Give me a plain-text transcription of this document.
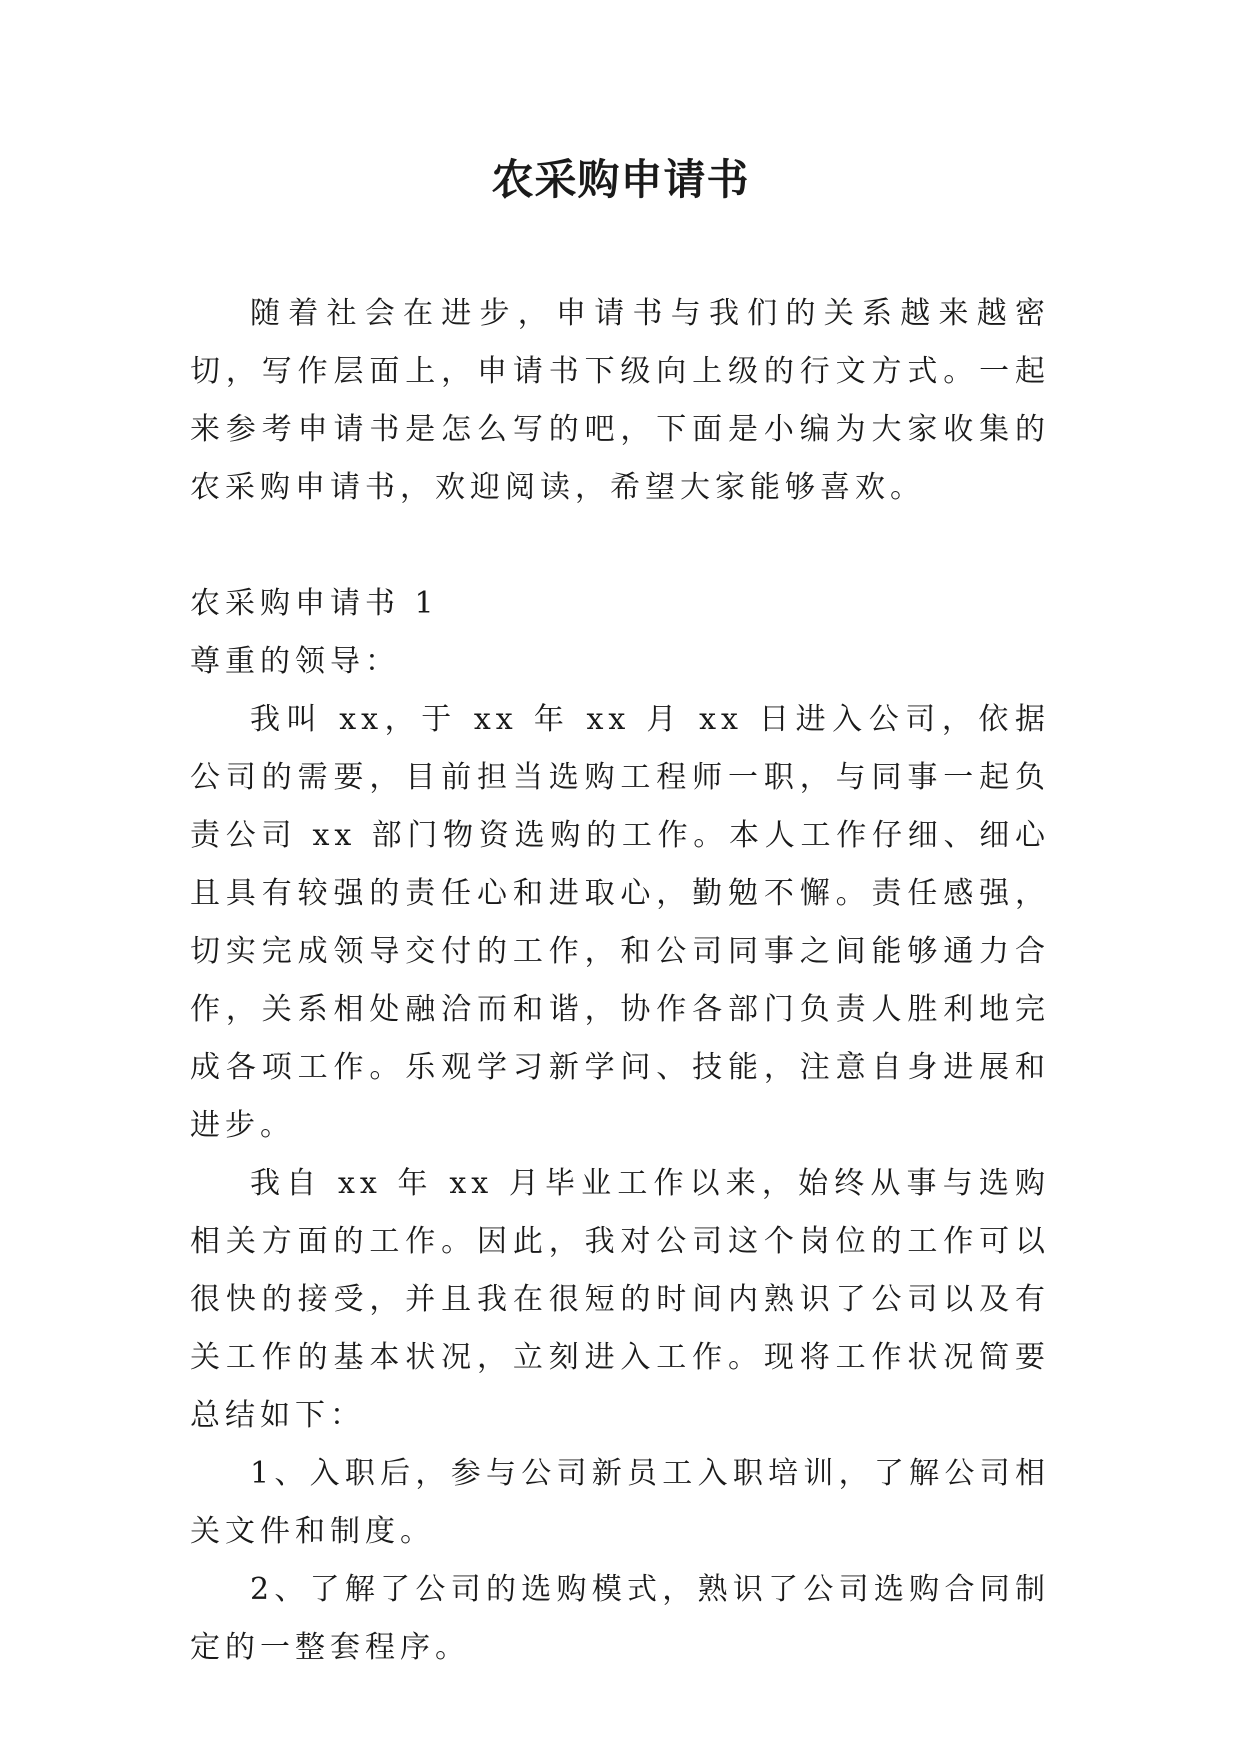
农采购申请书

随着社会在进步，申请书与我们的关系越来越密切，写作层面上，申请书下级向上级的行文方式。一起来参考申请书是怎么写的吧，下面是小编为大家收集的农采购申请书，欢迎阅读，希望大家能够喜欢。

农采购申请书 1

尊重的领导：

我叫 xx，于 xx 年 xx 月 xx 日进入公司，依据公司的需要，目前担当选购工程师一职，与同事一起负责公司 xx 部门物资选购的工作。本人工作仔细、细心且具有较强的责任心和进取心，勤勉不懈。责任感强，切实完成领导交付的工作，和公司同事之间能够通力合作，关系相处融洽而和谐，协作各部门负责人胜利地完成各项工作。乐观学习新学问、技能，注意自身进展和进步。

我自 xx 年 xx 月毕业工作以来，始终从事与选购相关方面的工作。因此，我对公司这个岗位的工作可以很快的接受，并且我在很短的时间内熟识了公司以及有关工作的基本状况，立刻进入工作。现将工作状况简要总结如下：

1、入职后，参与公司新员工入职培训，了解公司相关文件和制度。

2、了解了公司的选购模式，熟识了公司选购合同制定的一整套程序。
